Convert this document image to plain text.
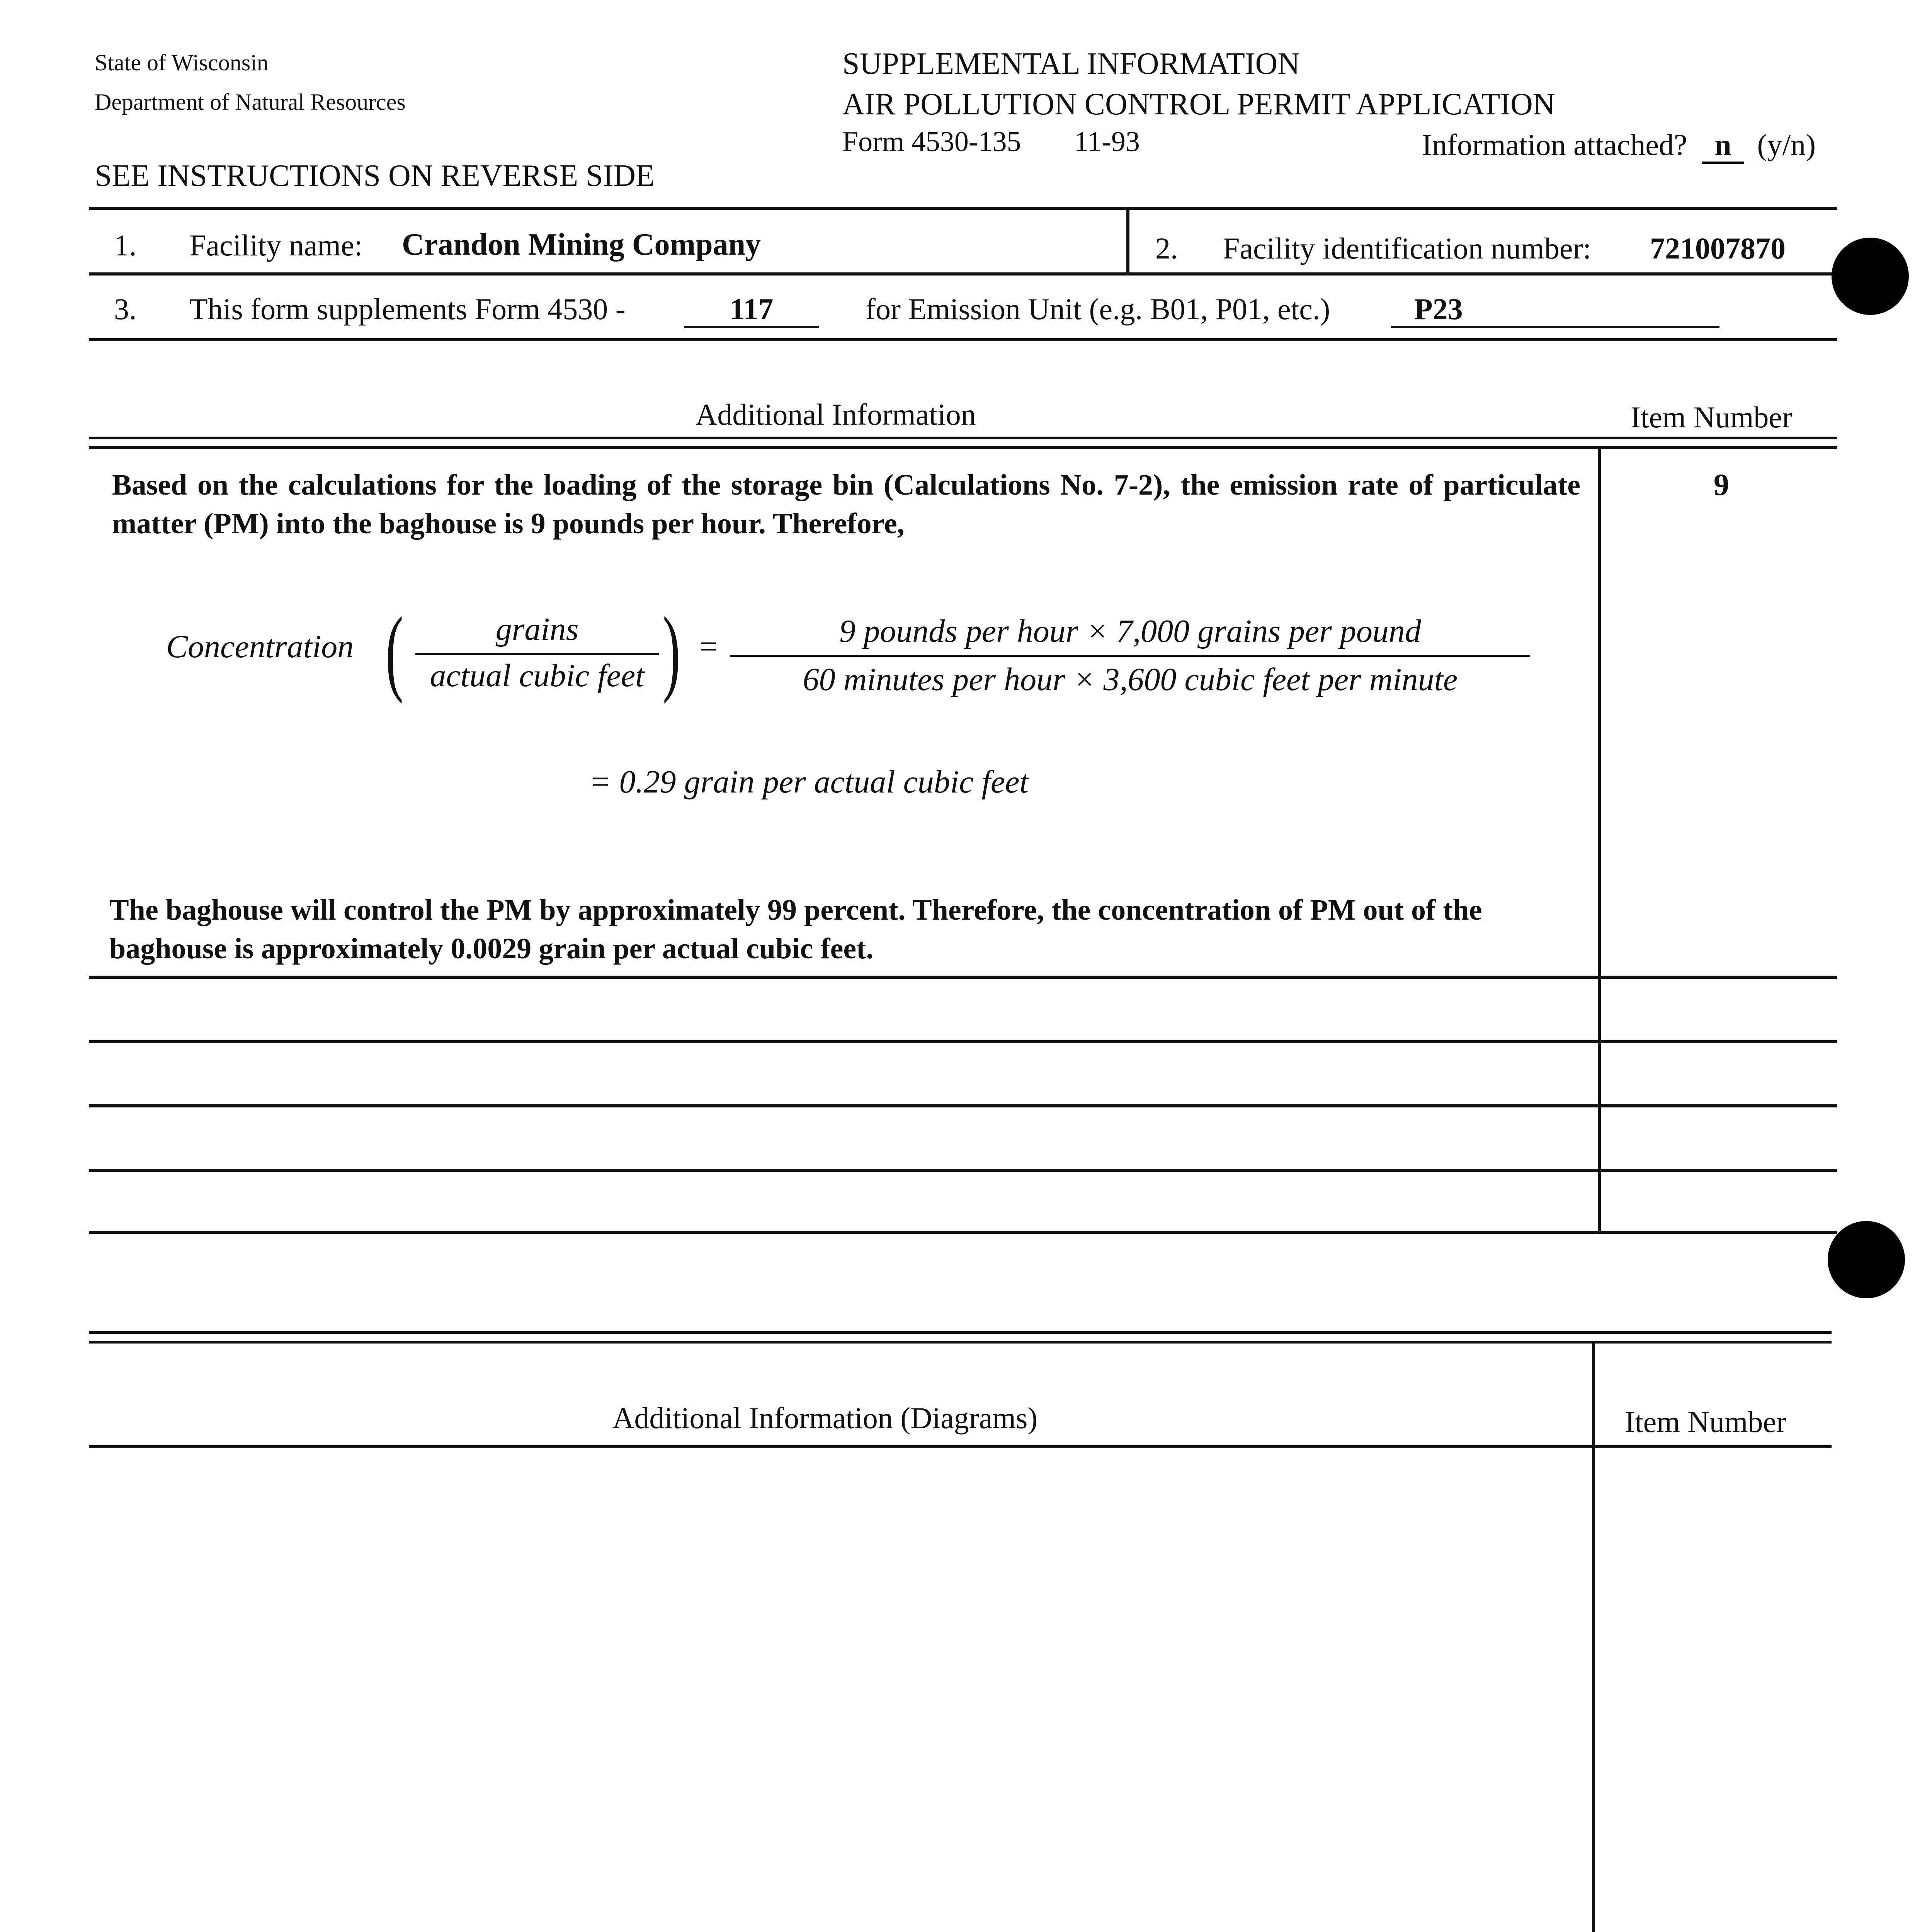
State of Wisconsin
Department of Natural Resources
SUPPLEMENTAL INFORMATION
AIR POLLUTION CONTROL PERMIT APPLICATION
Form 4530-135 11-93	Information attached? n (y/n)
SEE INSTRUCTIONS ON REVERSE SIDE
1. Facility name: Crandon Mining Company	2. Facility identification number: 721007870
3. This form supplements Form 4530 -	117	for Emission Unit (e.g. B01, P01, etc.)	P23
Additional Information	Item Number
9
Based on the calculations for the loading of the storage bin (Calculations No. 7-2), the emission rate of particulate matter (PM) into the baghouse is 9 pounds per hour. Therefore,
Concentration (	grains
actual cubic feet ) =	9 pounds per hour × 7,000 grains per pound
60 minutes per hour × 3,600 cubic feet per minute
= 0.29 grain per actual cubic feet
The baghouse will control the PM by approximately 99 percent. Therefore, the concentration of PM out of the baghouse is approximately 0.0029 grain per actual cubic feet.
Additional Information (Diagrams)	Item Number
